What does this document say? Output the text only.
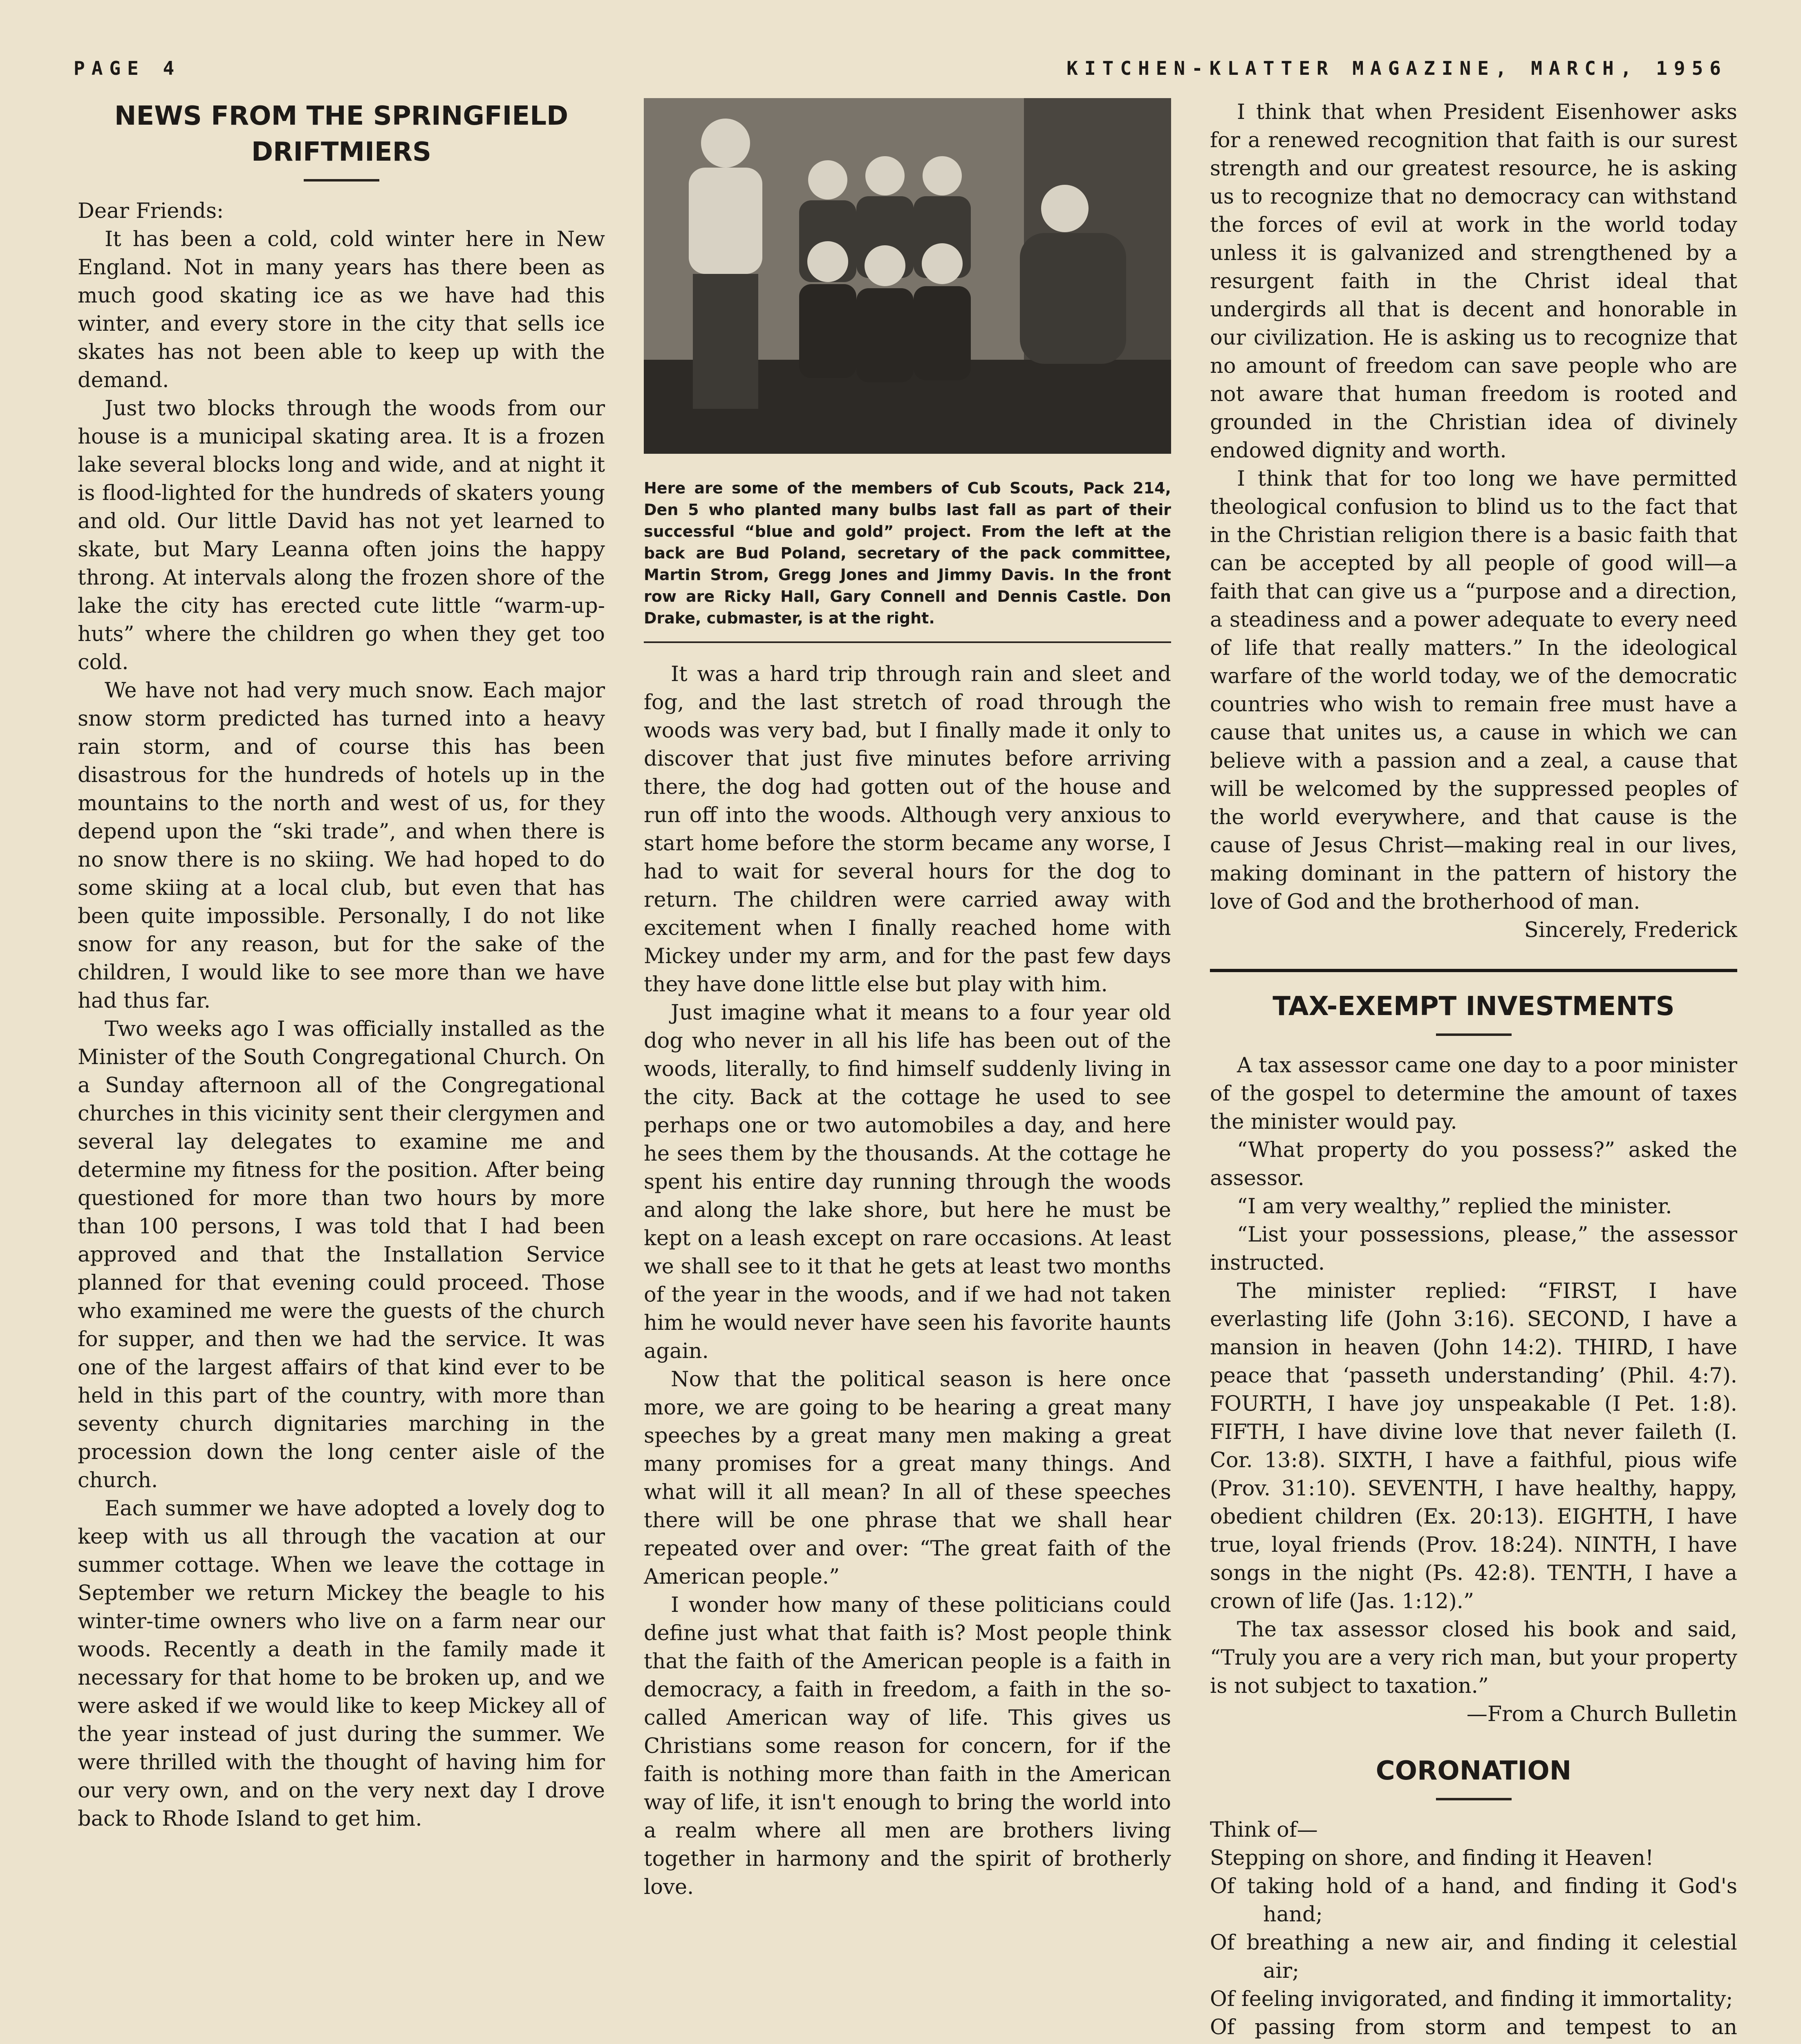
PAGE 4	KITCHEN-KLATTER MAGAZINE, MARCH, 1956
NEWS FROM THE SPRINGFIELD
DRIFTMIERS

Dear Friends:

It has been a cold, cold winter here in New England. Not in many years has there been as much good skating ice as we have had this winter, and every store in the city that sells ice skates has not been able to keep up with the demand.

Just two blocks through the woods from our house is a municipal skating area. It is a frozen lake several blocks long and wide, and at night it is flood-lighted for the hundreds of skaters young and old. Our little David has not yet learned to skate, but Mary Leanna often joins the happy throng. At intervals along the frozen shore of the lake the city has erected cute little “warm-up-huts” where the children go when they get too cold.

We have not had very much snow. Each major snow storm predicted has turned into a heavy rain storm, and of course this has been disastrous for the hundreds of hotels up in the mountains to the north and west of us, for they depend upon the “ski trade”, and when there is no snow there is no skiing. We had hoped to do some skiing at a local club, but even that has been quite impossible. Personally, I do not like snow for any reason, but for the sake of the children, I would like to see more than we have had thus far.

Two weeks ago I was officially installed as the Minister of the South Congregational Church. On a Sunday afternoon all of the Congregational churches in this vicinity sent their clergymen and several lay delegates to examine me and determine my fitness for the position. After being questioned for more than two hours by more than 100 persons, I was told that I had been approved and that the Installation Service planned for that evening could proceed. Those who examined me were the guests of the church for supper, and then we had the service. It was one of the largest affairs of that kind ever to be held in this part of the country, with more than seventy church dignitaries marching in the procession down the long center aisle of the church.

Each summer we have adopted a lovely dog to keep with us all through the vacation at our summer cottage. When we leave the cottage in September we return Mickey the beagle to his winter-time owners who live on a farm near our woods. Recently a death in the family made it necessary for that home to be broken up, and we were asked if we would like to keep Mickey all of the year instead of just during the summer. We were thrilled with the thought of having him for our very own, and on the very next day I drove back to Rhode Island to get him.

Here are some of the members of Cub Scouts, Pack 214, Den 5 who planted many bulbs last fall as part of their successful “blue and gold” project. From the left at the back are Bud Poland, secretary of the pack committee, Martin Strom, Gregg Jones and Jimmy Davis. In the front row are Ricky Hall, Gary Connell and Dennis Castle. Don Drake, cubmaster, is at the right.

It was a hard trip through rain and sleet and fog, and the last stretch of road through the woods was very bad, but I finally made it only to discover that just five minutes before arriving there, the dog had gotten out of the house and run off into the woods. Although very anxious to start home before the storm became any worse, I had to wait for several hours for the dog to return. The children were carried away with excitement when I finally reached home with Mickey under my arm, and for the past few days they have done little else but play with him.

Just imagine what it means to a four year old dog who never in all his life has been out of the woods, literally, to find himself suddenly living in the city. Back at the cottage he used to see perhaps one or two automobiles a day, and here he sees them by the thousands. At the cottage he spent his entire day running through the woods and along the lake shore, but here he must be kept on a leash except on rare occasions. At least we shall see to it that he gets at least two months of the year in the woods, and if we had not taken him he would never have seen his favorite haunts again.

Now that the political season is here once more, we are going to be hearing a great many speeches by a great many men making a great many promises for a great many things. And what will it all mean? In all of these speeches there will be one phrase that we shall hear repeated over and over: “The great faith of the American people.”

I wonder how many of these politicians could define just what that faith is? Most people think that the faith of the American people is a faith in democracy, a faith in freedom, a faith in the so-called American way of life. This gives us Christians some reason for concern, for if the faith is nothing more than faith in the American way of life, it isn't enough to bring the world into a realm where all men are brothers living together in harmony and the spirit of brotherly love.

I think that when President Eisenhower asks for a renewed recognition that faith is our surest strength and our greatest resource, he is asking us to recognize that no democracy can withstand the forces of evil at work in the world today unless it is galvanized and strengthened by a resurgent faith in the Christ ideal that undergirds all that is decent and honorable in our civilization. He is asking us to recognize that no amount of freedom can save people who are not aware that human freedom is rooted and grounded in the Christian idea of divinely endowed dignity and worth.

I think that for too long we have permitted theological confusion to blind us to the fact that in the Christian religion there is a basic faith that can be accepted by all people of good will—a faith that can give us a “purpose and a direction, a steadiness and a power adequate to every need of life that really matters.” In the ideological warfare of the world today, we of the democratic countries who wish to remain free must have a cause that unites us, a cause in which we can believe with a passion and a zeal, a cause that will be welcomed by the suppressed peoples of the world everywhere, and that cause is the cause of Jesus Christ—making real in our lives, making dominant in the pattern of history the love of God and the brotherhood of man.

Sincerely, Frederick

TAX-EXEMPT INVESTMENTS

A tax assessor came one day to a poor minister of the gospel to determine the amount of taxes the minister would pay.

“What property do you possess?” asked the assessor.

“I am very wealthy,” replied the minister.

“List your possessions, please,” the assessor instructed.

The minister replied: “FIRST, I have everlasting life (John 3:16). SECOND, I have a mansion in heaven (John 14:2). THIRD, I have peace that ‘passeth understanding’ (Phil. 4:7). FOURTH, I have joy unspeakable (I Pet. 1:8). FIFTH, I have divine love that never faileth (I. Cor. 13:8). SIXTH, I have a faithful, pious wife (Prov. 31:10). SEVENTH, I have healthy, happy, obedient children (Ex. 20:13). EIGHTH, I have true, loyal friends (Prov. 18:24). NINTH, I have songs in the night (Ps. 42:8). TENTH, I have a crown of life (Jas. 1:12).”

The tax assessor closed his book and said, “Truly you are a very rich man, but your property is not subject to taxation.”

—From a Church Bulletin

CORONATION

Think of—

Stepping on shore, and finding it Heaven!

Of taking hold of a hand, and finding it God's hand;

Of breathing a new air, and finding it celestial air;

Of feeling invigorated, and finding it immortality;

Of passing from storm and tempest to an
